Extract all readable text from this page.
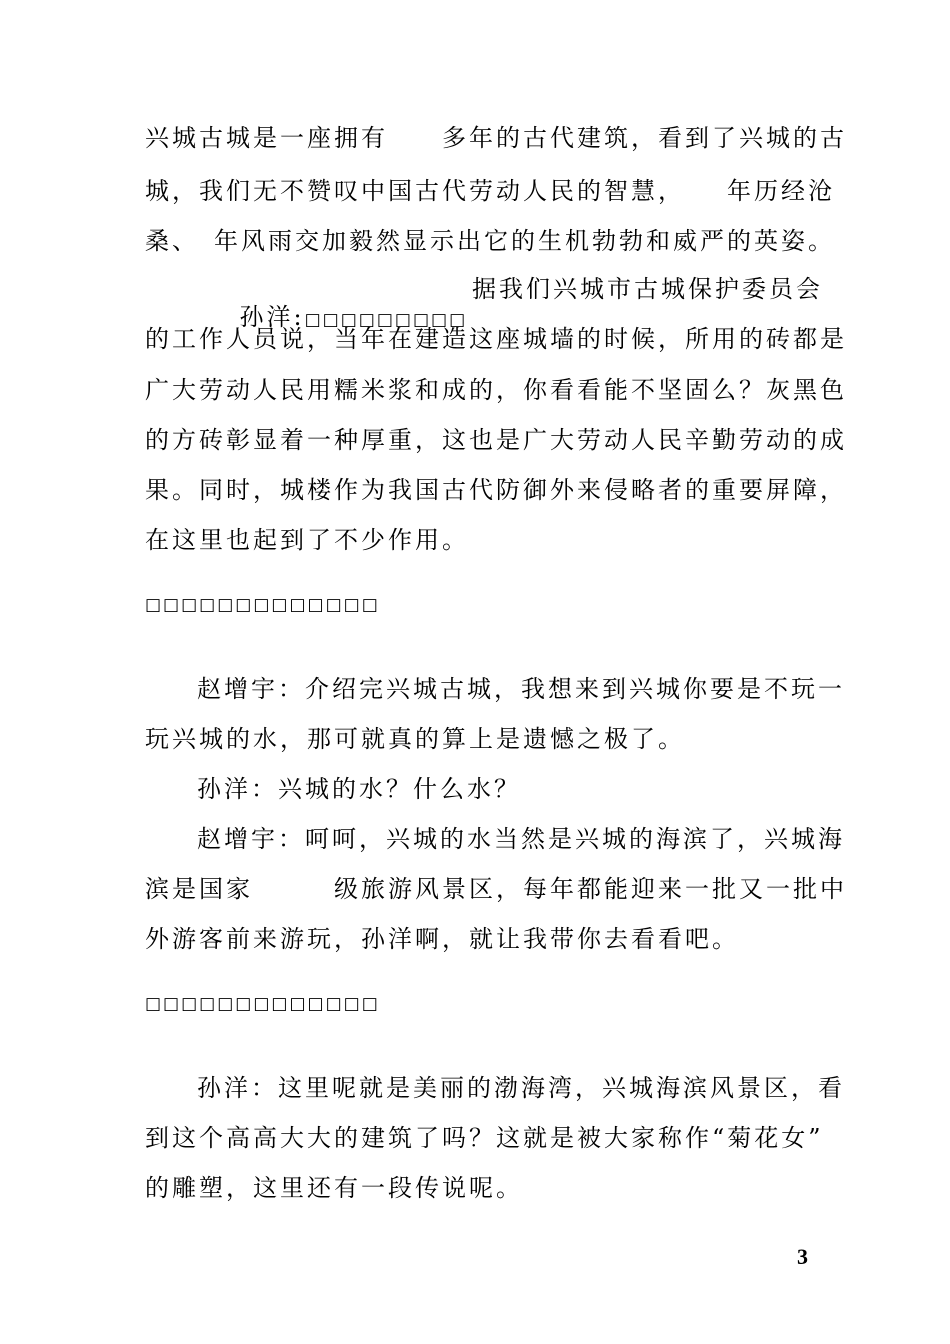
兴城古城是一座拥有　　多年的古代建筑，看到了兴城的古
城，我们无不赞叹中国古代劳动人民的智慧，　　年历经沧
桑、　年风雨交加毅然显示出它的生机勃勃和威严的英姿。

孙洋:□□□□□□□□□

据我们兴城市古城保护委员会
的工作人员说，当年在建造这座城墙的时候，所用的砖都是
广大劳动人民用糯米浆和成的，你看看能不坚固么？灰黑色
的方砖彰显着一种厚重，这也是广大劳动人民辛勤劳动的成
果。同时，城楼作为我国古代防御外来侵略者的重要屏障，
在这里也起到了不少作用。
□□□□□□□□□□□□□
赵增宇：介绍完兴城古城，我想来到兴城你要是不玩一
玩兴城的水，那可就真的算上是遗憾之极了。
孙洋：兴城的水？什么水？
赵增宇：呵呵，兴城的水当然是兴城的海滨了，兴城海
滨是国家　　　级旅游风景区，每年都能迎来一批又一批中
外游客前来游玩，孙洋啊，就让我带你去看看吧。
□□□□□□□□□□□□□
孙洋：这里呢就是美丽的渤海湾，兴城海滨风景区，看
到这个高高大大的建筑了吗？这就是被大家称作“菊花女”
的雕塑，这里还有一段传说呢。
3
